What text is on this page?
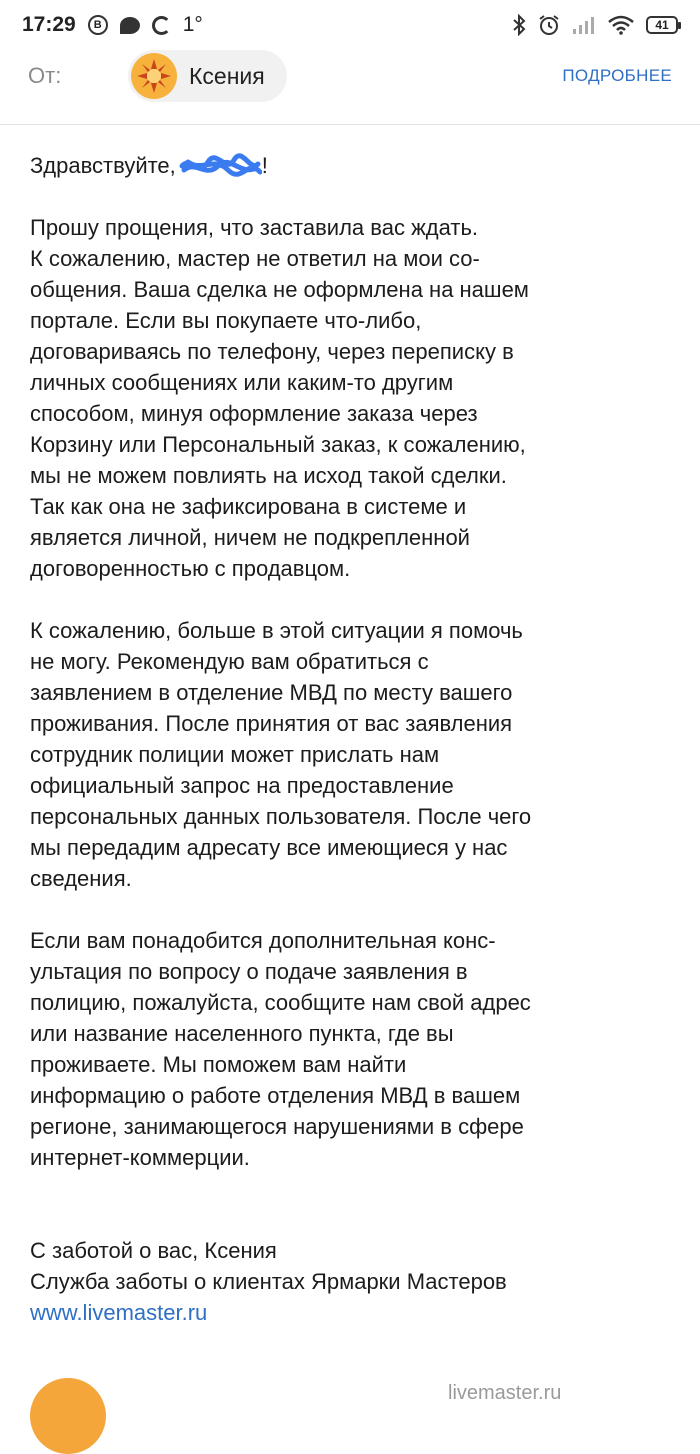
17:29	B	1°	41
От:	Ксения	ПОДРОБНЕЕ
Здравствуйте,	!
Прошу прощения, что заставила вас ждать.
К сожалению, мастер не ответил на мои со-
общения. Ваша сделка не оформлена на нашем
портале. Если вы покупаете что-либо,
договариваясь по телефону, через переписку в
личных сообщениях или каким-то другим
способом, минуя оформление заказа через
Корзину или Персональный заказ, к сожалению,
мы не можем повлиять на исход такой сделки.
Так как она не зафиксирована в системе и
является личной, ничем не подкрепленной
договоренностью с продавцом.
К сожалению, больше в этой ситуации я помочь
не могу. Рекомендую вам обратиться с
заявлением в отделение МВД по месту вашего
проживания. После принятия от вас заявления
сотрудник полиции может прислать нам
официальный запрос на предоставление
персональных данных пользователя. После чего
мы передадим адресату все имеющиеся у нас
сведения.
Если вам понадобится дополнительная конс-
ультация по вопросу о подаче заявления в
полицию, пожалуйста, сообщите нам свой адрес
или название населенного пункта, где вы
проживаете. Мы поможем вам найти
информацию о работе отделения МВД в вашем
регионе, занимающегося нарушениями в сфере
интернет-коммерции.
С заботой о вас, Ксения
Служба заботы о клиентах Ярмарки Мастеров
www.livemaster.ru
livemaster.ru
